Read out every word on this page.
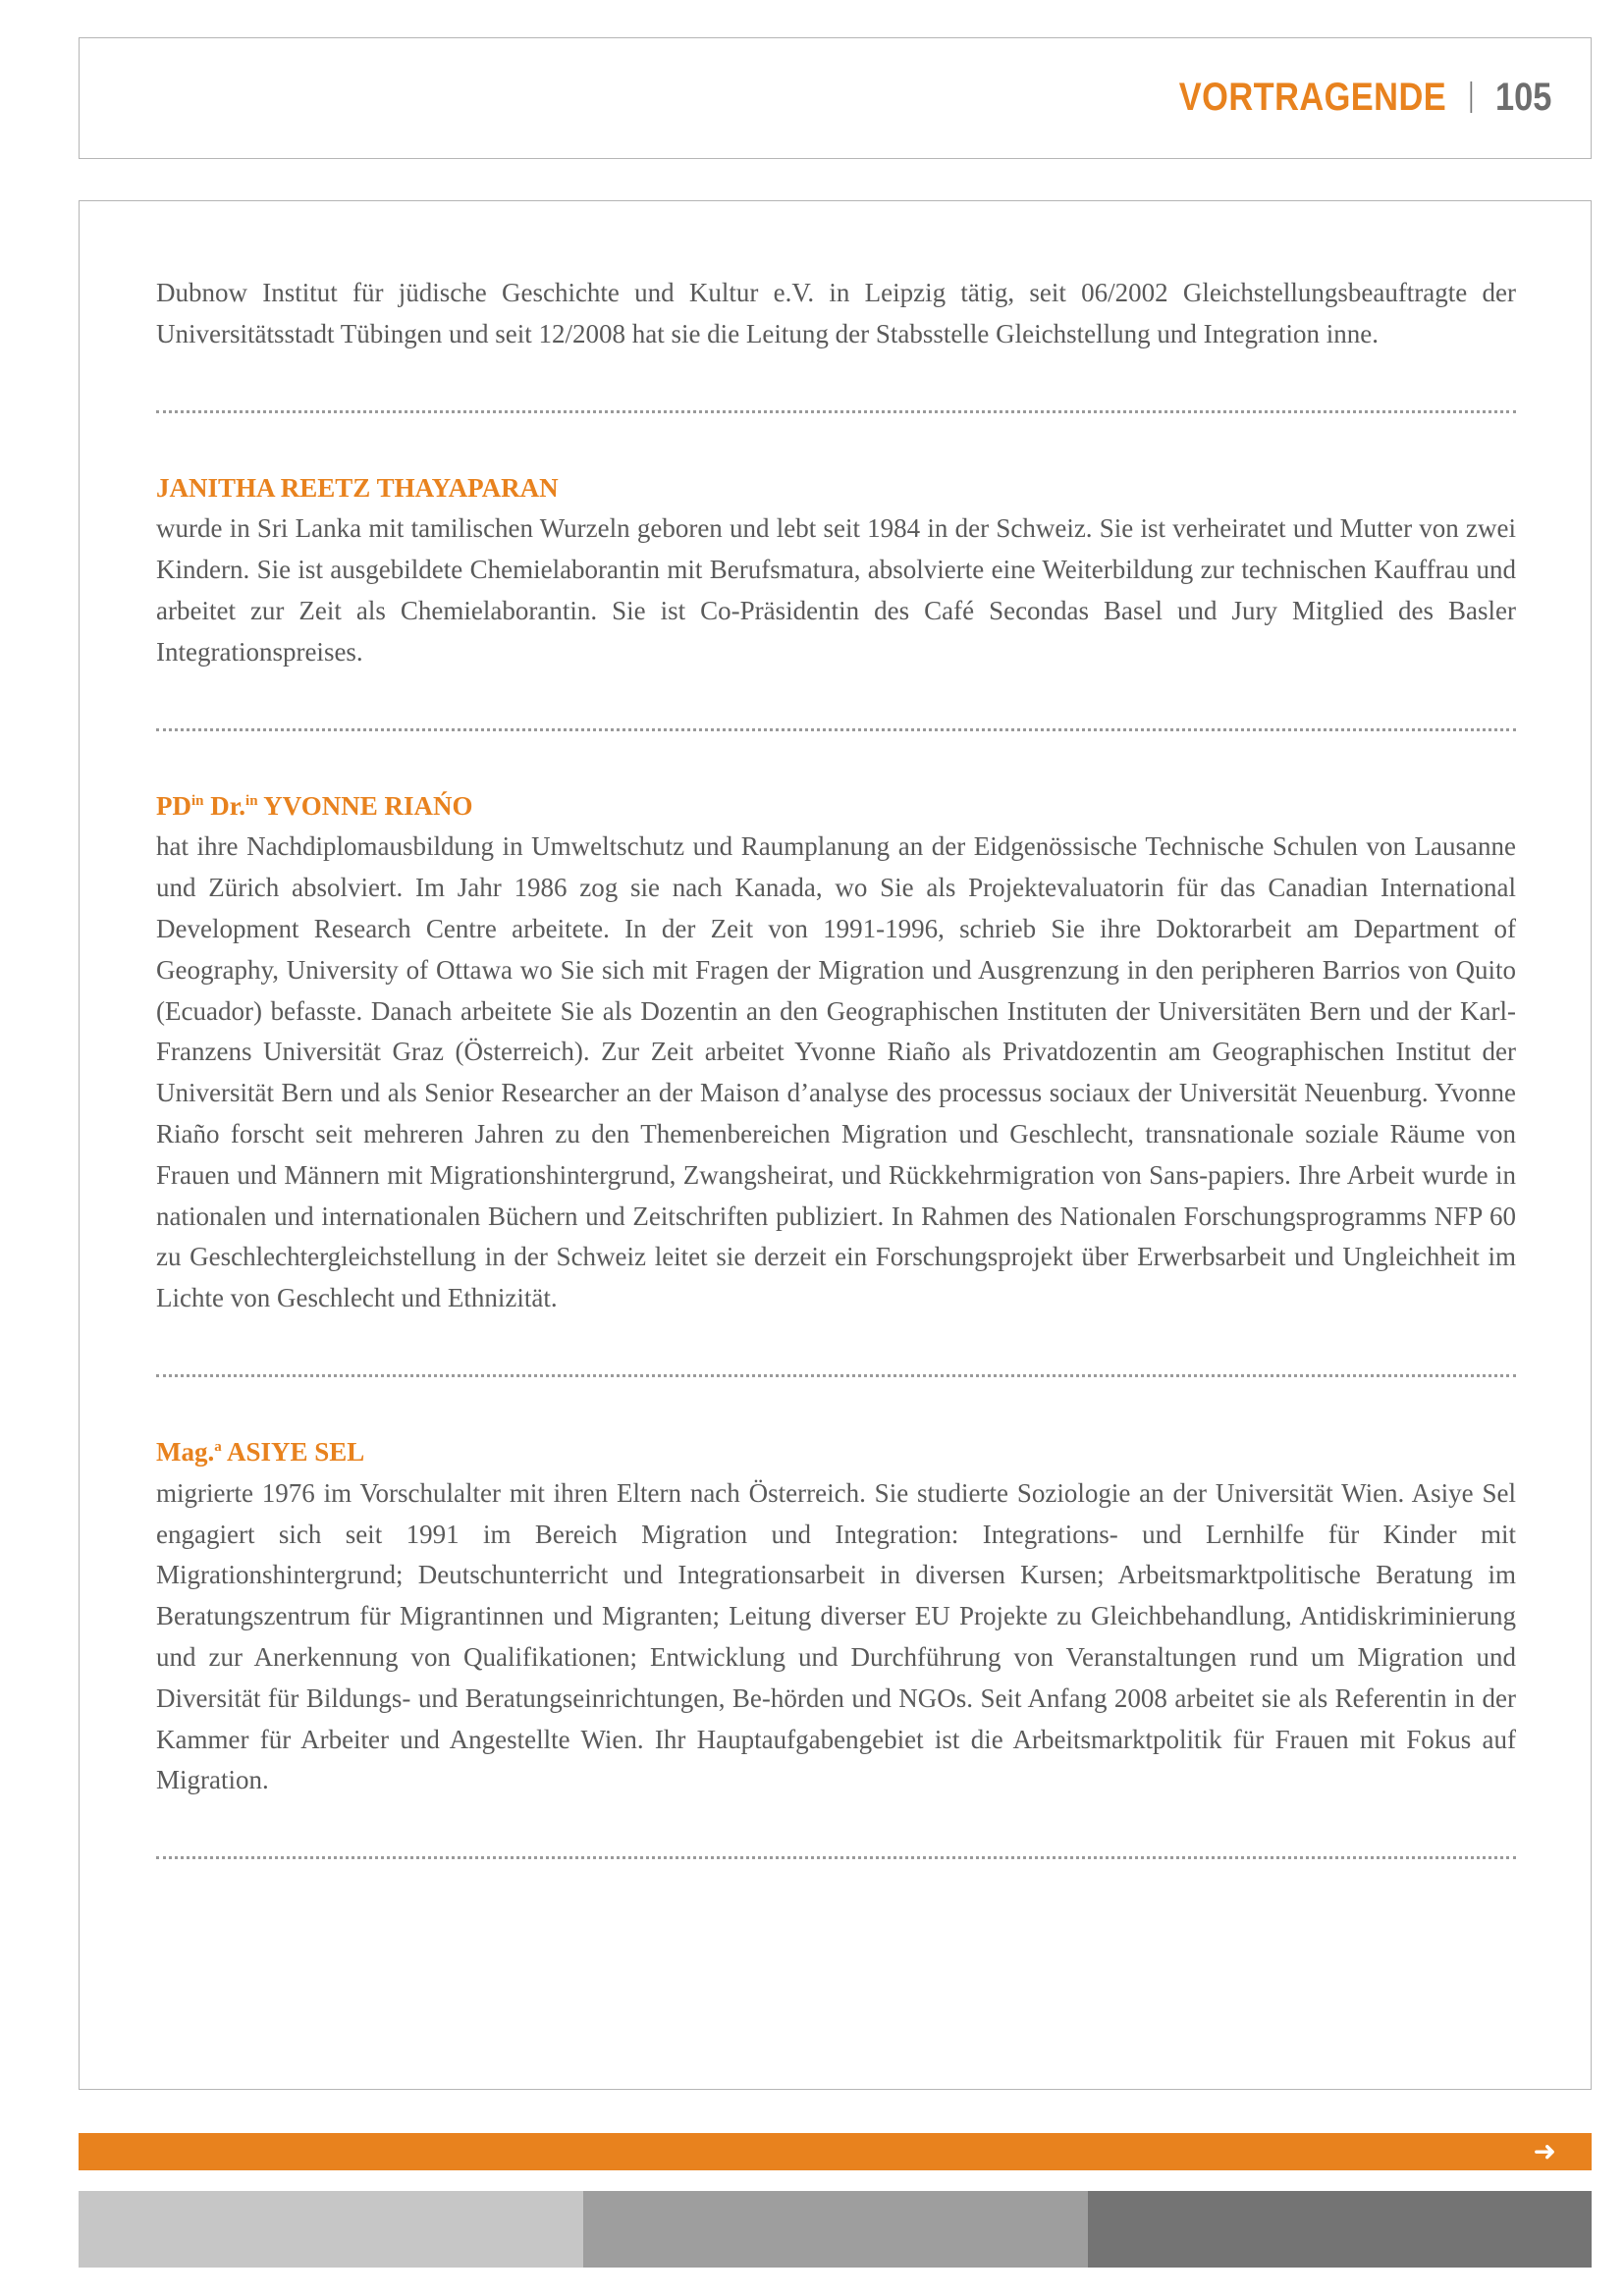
VORTRAGENDE 105

Dubnow Institut für jüdische Geschichte und Kultur e.V. in Leipzig tätig, seit 06/2002 Gleichstellungsbeauftragte der Universitätsstadt Tübingen und seit 12/2008 hat sie die Leitung der Stabsstelle Gleichstellung und Integration inne.

JANITHA REETZ THAYAPARAN

wurde in Sri Lanka mit tamilischen Wurzeln geboren und lebt seit 1984 in der Schweiz. Sie ist verheiratet und Mutter von zwei Kindern. Sie ist ausgebildete Chemielaborantin mit Berufsmatura, absolvierte eine Weiterbildung zur technischen Kauffrau und arbeitet zur Zeit als Chemielaborantin. Sie ist Co-Präsidentin des Café Secondas Basel und Jury Mitglied des Basler Integrationspreises.

$PD^{in}$ Dr.$^{in}$ YVONNE RIAŃO

hat ihre Nachdiplomausbildung in Umweltschutz und Raumplanung an der Eidgenössische Technische Schulen von Lausanne und Zürich absolviert. Im Jahr 1986 zog sie nach Kanada, wo Sie als Projektevaluatorin für das Canadian International Development Research Centre arbeitete. In der Zeit von 1991-1996, schrieb Sie ihre Doktorarbeit am Department of Geography, University of Ottawa wo Sie sich mit Fragen der Migration und Ausgrenzung in den peripheren Barrios von Quito (Ecuador) befasste. Danach arbeitete Sie als Dozentin an den Geographischen Instituten der Universitäten Bern und der Karl-Franzens Universität Graz (Österreich). Zur Zeit arbeitet Yvonne Riaño als Privatdozentin am Geographischen Institut der Universität Bern und als Senior Researcher an der Maison d’analyse des processus sociaux der Universität Neuenburg. Yvonne Riaño forscht seit mehreren Jahren zu den Themenbereichen Migration und Geschlecht, transnationale soziale Räume von Frauen und Männern mit Migrationshintergrund, Zwangsheirat, und Rückkehrmigration von Sans-papiers. Ihre Arbeit wurde in nationalen und internationalen Büchern und Zeitschriften publiziert. In Rahmen des Nationalen Forschungsprogramms NFP 60 zu Geschlechtergleichstellung in der Schweiz leitet sie derzeit ein Forschungsprojekt über Erwerbsarbeit und Ungleichheit im Lichte von Geschlecht und Ethnizität.

Mag.$^a$ ASIYE SEL

migrierte 1976 im Vorschulalter mit ihren Eltern nach Österreich. Sie studierte Soziologie an der Universität Wien. Asiye Sel engagiert sich seit 1991 im Bereich Migration und Integration: Integrations- und Lernhilfe für Kinder mit Migrationshintergrund; Deutschunterricht und Integrationsarbeit in diversen Kursen; Arbeitsmarktpolitische Beratung im Beratungszentrum für Migrantinnen und Migranten; Leitung diverser EU Projekte zu Gleichbehandlung, Antidiskriminierung und zur Anerkennung von Qualifikationen; Entwicklung und Durchführung von Veranstaltungen rund um Migration und Diversität für Bildungs- und Beratungseinrichtungen, Be-hörden und NGOs. Seit Anfang 2008 arbeitet sie als Referentin in der Kammer für Arbeiter und Angestellte Wien. Ihr Hauptaufgabengebiet ist die Arbeitsmarktpolitik für Frauen mit Fokus auf Migration.

➜
